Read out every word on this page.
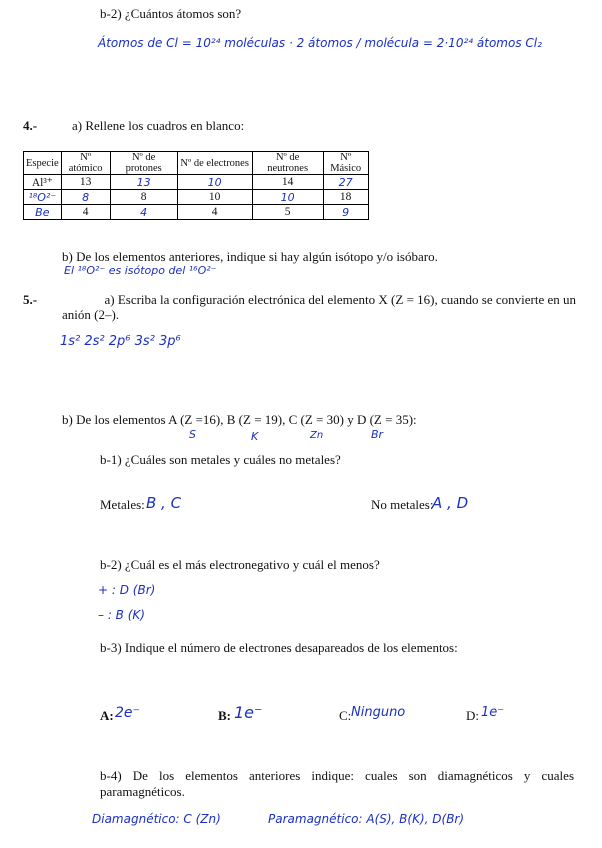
b-2) ¿Cuántos átomos son?
Átomos de Cl = 10²⁴ moléculas · 2 átomos / molécula = 2·10²⁴ átomos Cl₂
4.-	a) Rellene los cuadros en blanco:
Especie	Nº atómico	Nº de protones	Nº de electrones	Nº de neutrones	Nº Másico
Al³⁺	13	13	10	14	27
¹⁸O²⁻	8	8	10	10	18
Be	4	4	4	5	9
b) De los elementos anteriores, indique si hay algún isótopo y/o isóbaro.
El ¹⁸O²⁻ es isótopo del ¹⁶O²⁻
5.-	a) Escriba la configuración electrónica del elemento X (Z = 16), cuando se convierte en un
anión (2–).
1s² 2s² 2p⁶ 3s² 3p⁶
b) De los elementos A (Z =16), B (Z = 19), C (Z = 30) y D (Z = 35):
S	K	Zn	Br
b-1) ¿Cuáles son metales y cuáles no metales?
Metales: B , C	No metales:
A , D
b-2) ¿Cuál es el más electronegativo y cuál el menos?
+ : D (Br)
– : B (K)
b-3) Indique el número de electrones desapareados de los elementos:
A: 2e⁻	B: 1e⁻	C: Ninguno	D: 1e⁻
b-4) De los elementos anteriores indique: cuales son diamagnéticos y cuales
paramagnéticos.
Diamagnético: C (Zn)	Paramagnético: A(S), B(K), D(Br)
